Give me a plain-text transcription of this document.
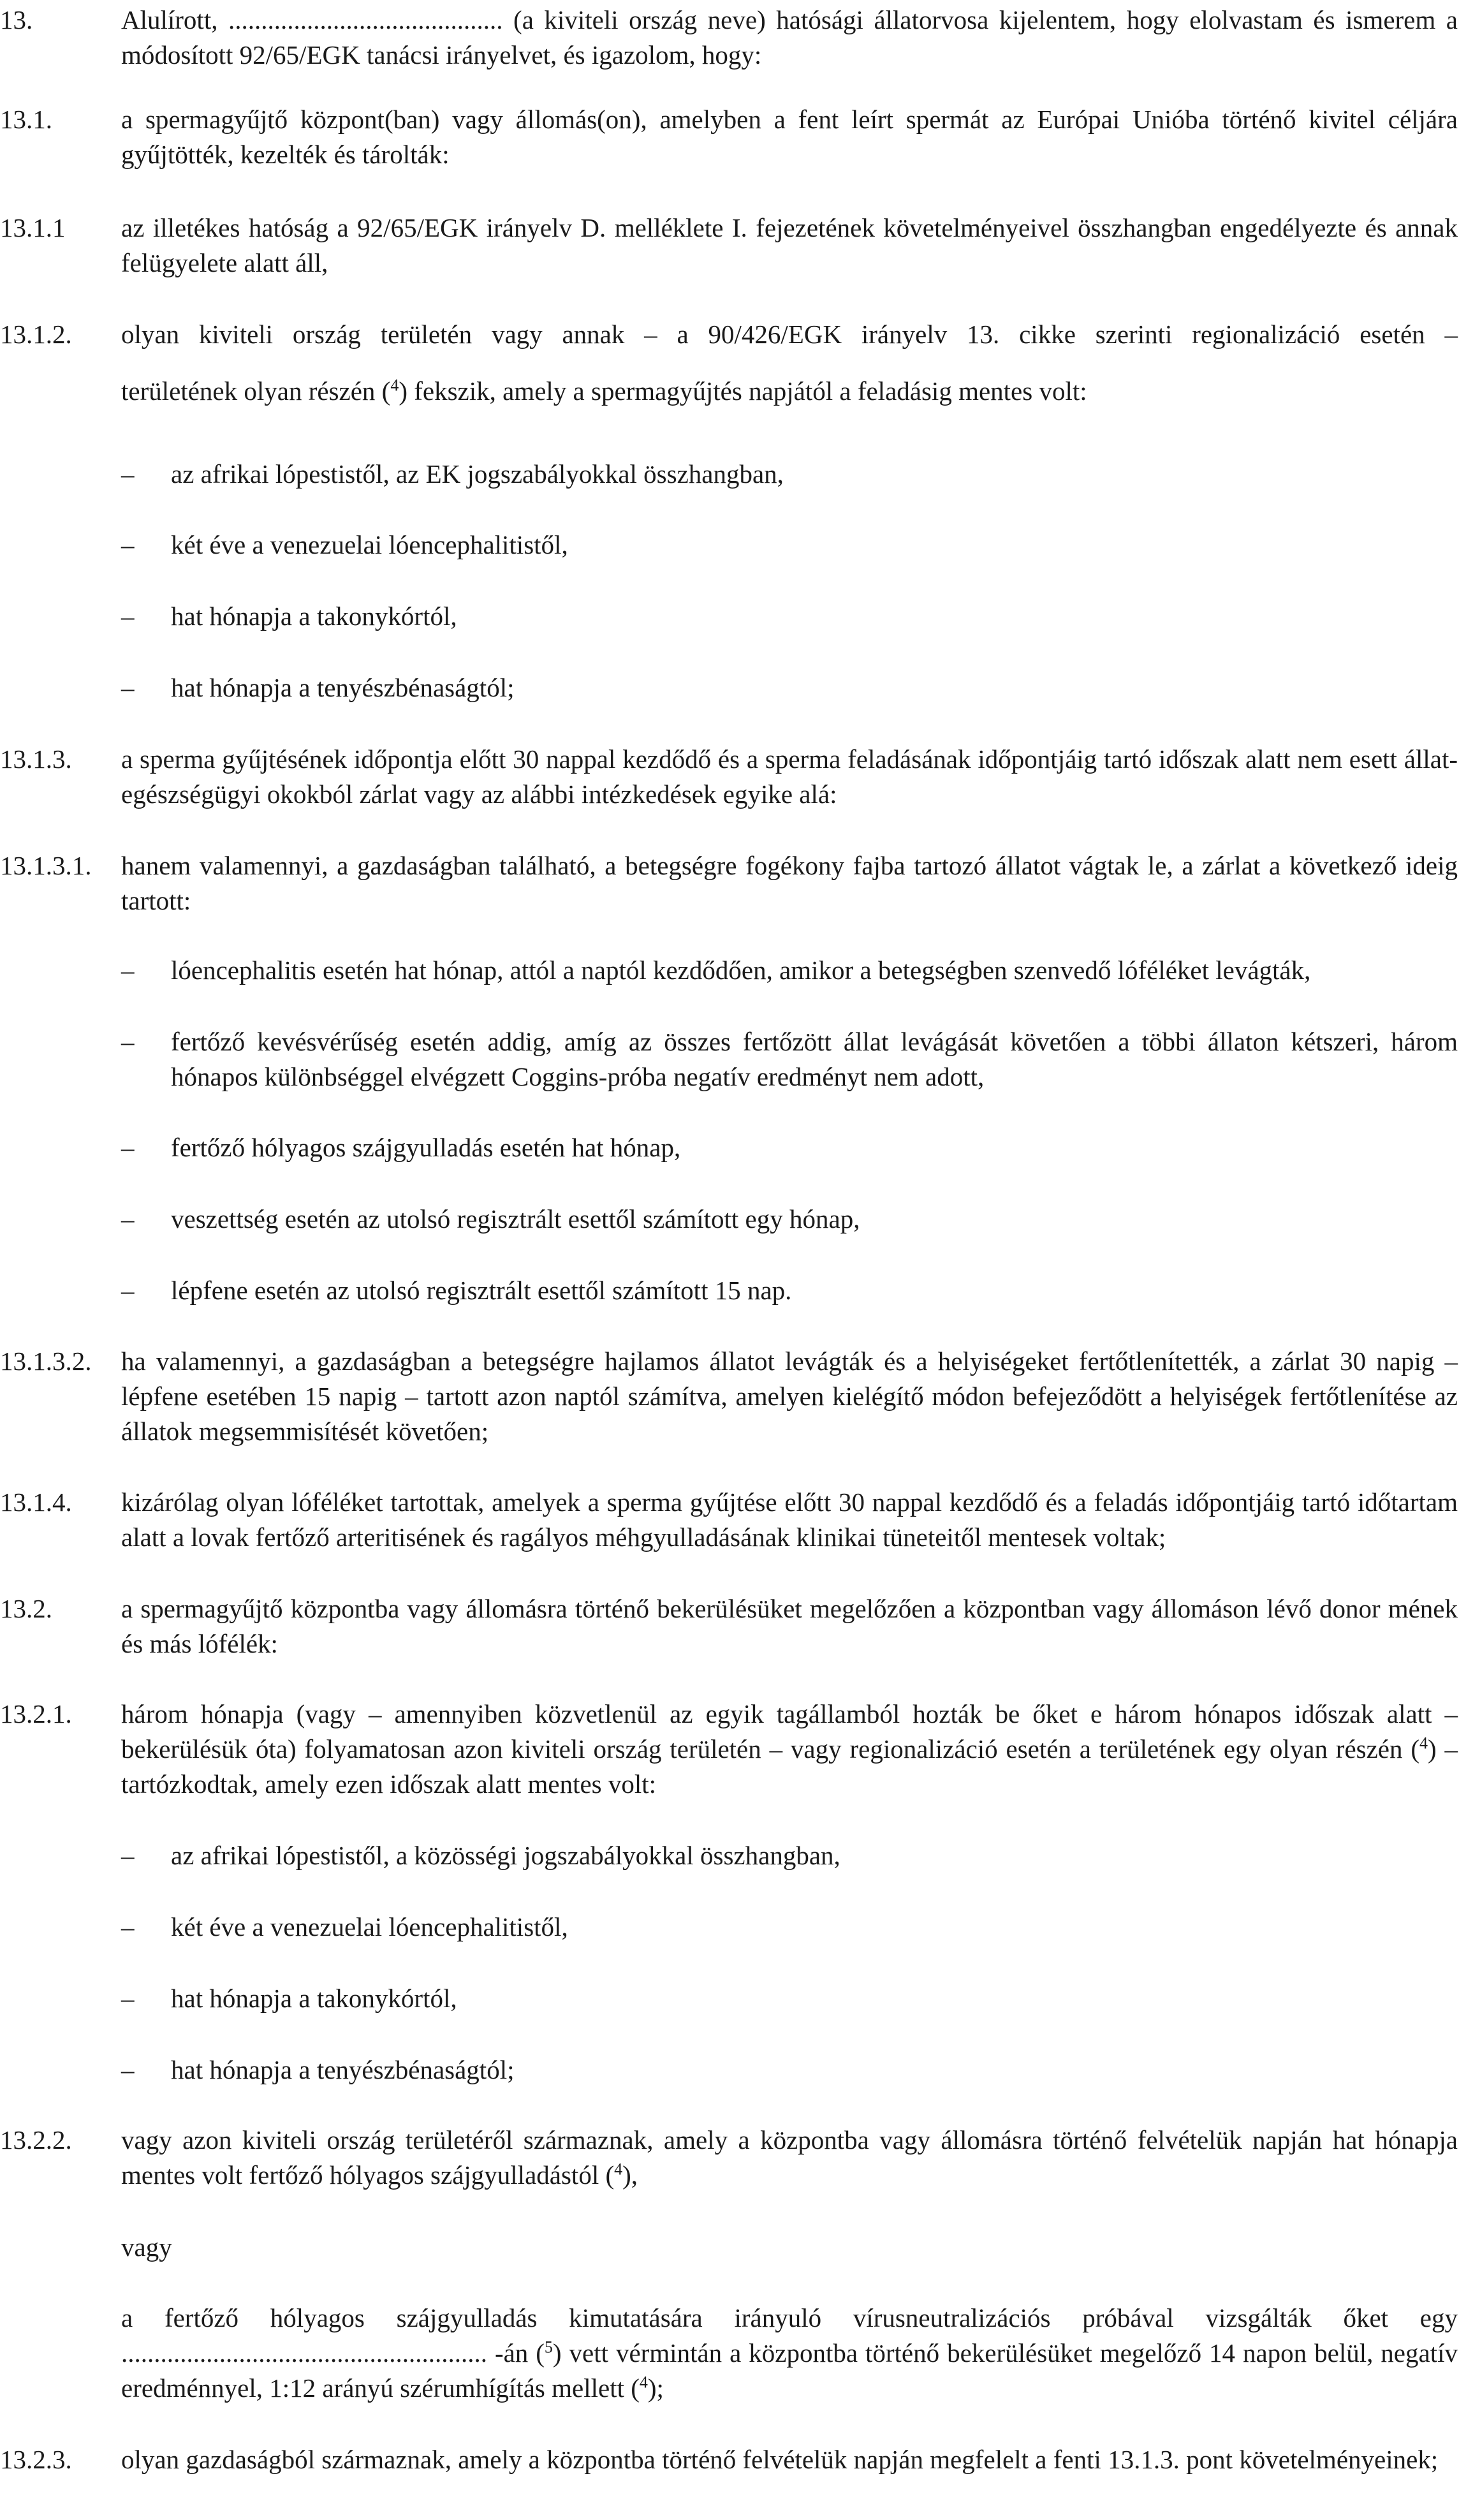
13.	Alulírott, .......................................... (a kiviteli ország neve) hatósági állatorvosa kijelentem, hogy elolvastam és ismerem a módosított 92/65/EGK tanácsi irányelvet, és igazolom, hogy:
13.1.	a spermagyűjtő központ(ban) vagy állomás(on), amelyben a fent leírt spermát az Európai Unióba történő kivitel céljára gyűjtötték, kezelték és tárolták:
13.1.1 az illetékes hatóság a 92/65/EGK irányelv D. melléklete I. fejezetének követelményeivel összhangban engedélyezte és annak felügyelete alatt áll,
13.1.2. olyan kiviteli ország területén vagy annak – a 90/426/EGK irányelv 13. cikke szerinti regionalizáció esetén –
területének olyan részén ($^4$) fekszik, amely a spermagyűjtés napjától a feladásig mentes volt:
– az afrikai lópestistől, az EK jogszabályokkal összhangban,
– két éve a venezuelai lóencephalitistől,
– hat hónapja a takonykórtól,
– hat hónapja a tenyészbénaságtól;
13.1.3. a sperma gyűjtésének időpontja előtt 30 nappal kezdődő és a sperma feladásának időpontjáig tartó időszak alatt nem esett állat-egészségügyi okokból zárlat vagy az alábbi intézkedések egyike alá:
13.1.3.1. hanem valamennyi, a gazdaságban található, a betegségre fogékony fajba tartozó állatot vágtak le, a zárlat a következő ideig tartott:
– lóencephalitis esetén hat hónap, attól a naptól kezdődően, amikor a betegségben szenvedő lóféléket levágták,
– fertőző kevésvérűség esetén addig, amíg az összes fertőzött állat levágását követően a többi állaton kétszeri, három hónapos különbséggel elvégzett Coggins-próba negatív eredményt nem adott,
– fertőző hólyagos szájgyulladás esetén hat hónap,
– veszettség esetén az utolsó regisztrált esettől számított egy hónap,
– lépfene esetén az utolsó regisztrált esettől számított 15 nap.
13.1.3.2. ha valamennyi, a gazdaságban a betegségre hajlamos állatot levágták és a helyiségeket fertőtlenítették, a zárlat 30 napig – lépfene esetében 15 napig – tartott azon naptól számítva, amelyen kielégítő módon befejeződött a helyiségek fertőtlenítése az állatok megsemmisítését követően;
13.1.4. kizárólag olyan lóféléket tartottak, amelyek a sperma gyűjtése előtt 30 nappal kezdődő és a feladás időpontjáig tartó időtartam alatt a lovak fertőző arteritisének és ragályos méhgyulladásának klinikai tüneteitől mentesek voltak;
13.2.	a spermagyűjtő központba vagy állomásra történő bekerülésüket megelőzően a központban vagy állomáson lévő donor mének és más lófélék:
13.2.1. három hónapja (vagy – amennyiben közvetlenül az egyik tagállamból hozták be őket e három hónapos időszak alatt – bekerülésük óta) folyamatosan azon kiviteli ország területén – vagy regionalizáció esetén a területének egy olyan részén ($^4$) – tartózkodtak, amely ezen időszak alatt mentes volt:
– az afrikai lópestistől, a közösségi jogszabályokkal összhangban,
– két éve a venezuelai lóencephalitistől,
– hat hónapja a takonykórtól,
– hat hónapja a tenyészbénaságtól;
13.2.2. vagy azon kiviteli ország területéről származnak, amely a központba vagy állomásra történő felvételük napján hat hónapja mentes volt fertőző hólyagos szájgyulladástól ($^4$),
vagy
a fertőző hólyagos szájgyulladás kimutatására irányuló vírusneutralizációs próbával vizsgálták őket egy ........................................................ -án ($^5$) vett vérmintán a központba történő bekerülésüket megelőző 14 napon belül, negatív eredménnyel, 1:12 arányú szérumhígítás mellett ($^4$);
13.2.3. olyan gazdaságból származnak, amely a központba történő felvételük napján megfelelt a fenti 13.1.3. pont követelményeinek;
